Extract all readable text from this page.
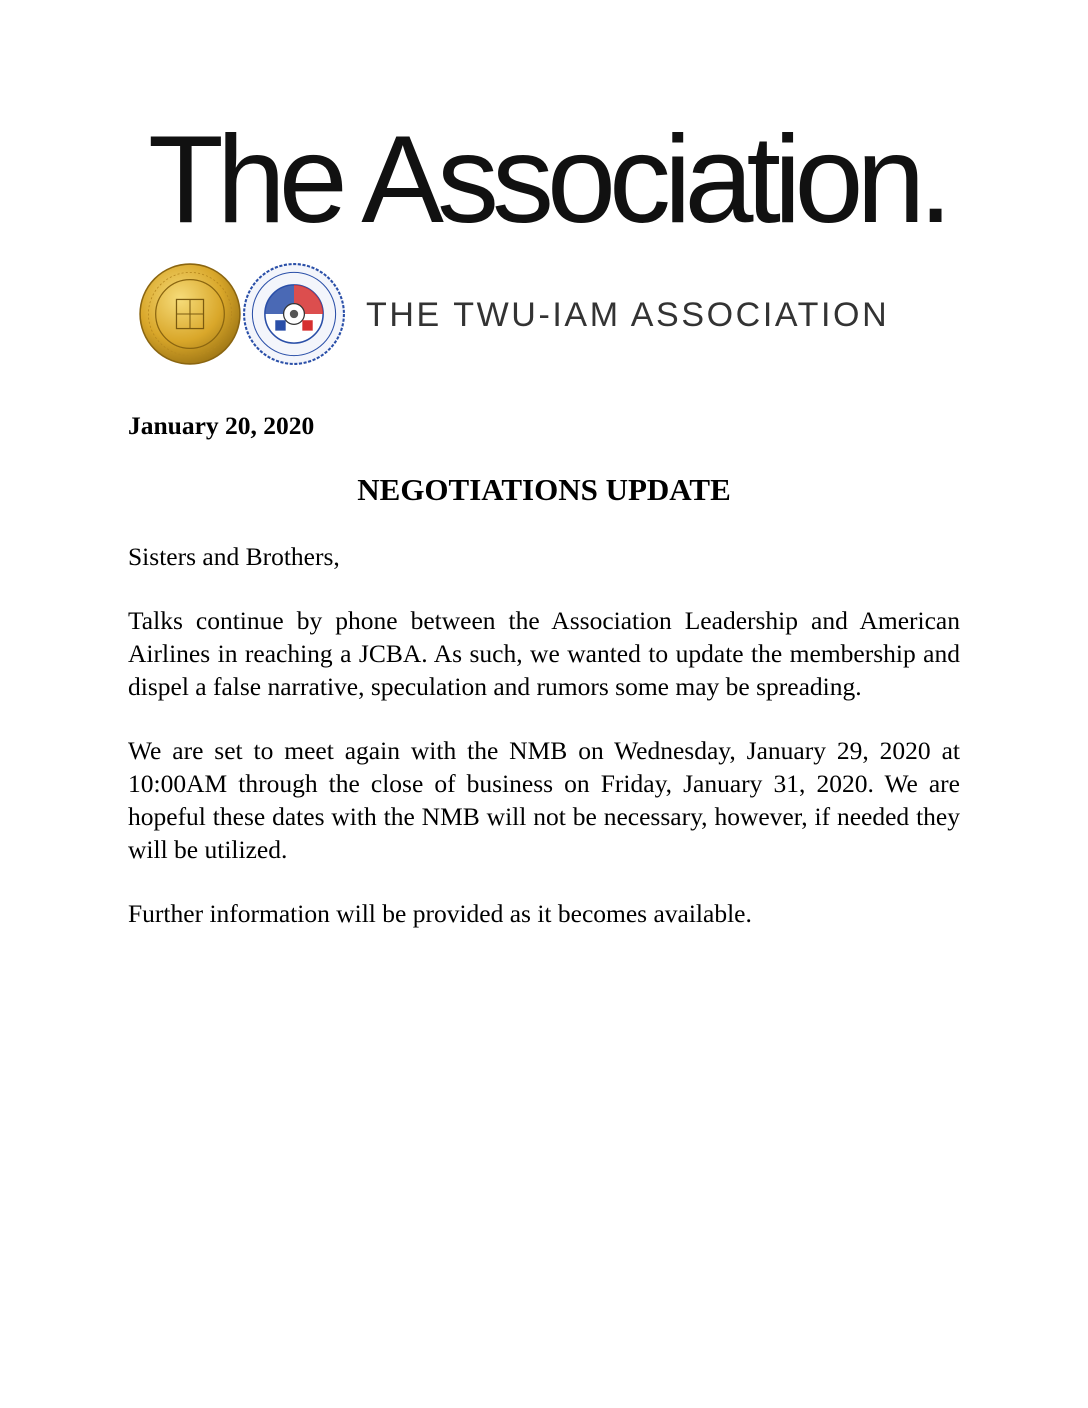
The Association.
THE TWU-IAM ASSOCIATION

January 20, 2020

NEGOTIATIONS UPDATE

Sisters and Brothers,

Talks continue by phone between the Association Leadership and American Airlines in reaching a JCBA. As such, we wanted to update the membership and dispel a false narrative, speculation and rumors some may be spreading.

We are set to meet again with the NMB on Wednesday, January 29, 2020 at 10:00AM through the close of business on Friday, January 31, 2020. We are hopeful these dates with the NMB will not be necessary, however, if needed they will be utilized.

Further information will be provided as it becomes available.
